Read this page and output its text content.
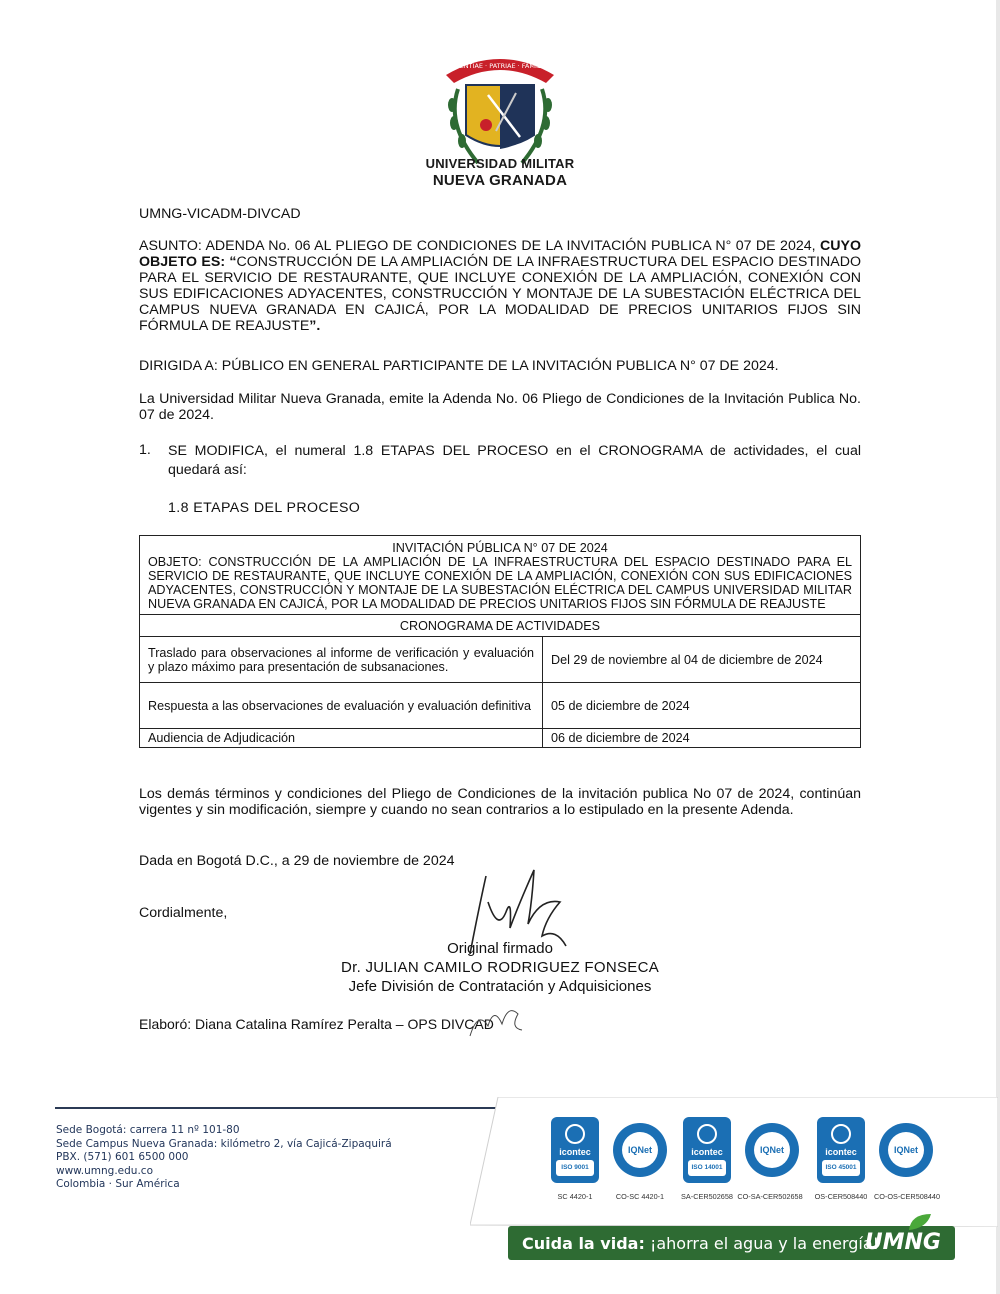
SCIENTIAE · PATRIAE · FAMILIAE
UNIVERSIDAD MILITAR
NUEVA GRANADA
UMNG-VICADM-DIVCAD
ASUNTO: ADENDA No. 06 AL PLIEGO DE CONDICIONES DE LA INVITACIÓN PUBLICA N° 07 DE 2024, CUYO OBJETO ES: “CONSTRUCCIÓN DE LA AMPLIACIÓN DE LA INFRAESTRUCTURA DEL ESPACIO DESTINADO PARA EL SERVICIO DE RESTAURANTE, QUE INCLUYE CONEXIÓN DE LA AMPLIACIÓN, CONEXIÓN CON SUS EDIFICACIONES ADYACENTES, CONSTRUCCIÓN Y MONTAJE DE LA SUBESTACIÓN ELÉCTRICA DEL CAMPUS NUEVA GRANADA EN CAJICÁ, POR LA MODALIDAD DE PRECIOS UNITARIOS FIJOS SIN FÓRMULA DE REAJUSTE”.
DIRIGIDA A: PÚBLICO EN GENERAL PARTICIPANTE DE LA INVITACIÓN PUBLICA N° 07 DE 2024.
La Universidad Militar Nueva Granada, emite la Adenda No. 06 Pliego de Condiciones de la Invitación Publica No. 07 de 2024.
1.	SE MODIFICA, el numeral 1.8 ETAPAS DEL PROCESO en el CRONOGRAMA de actividades, el cual quedará así:
1.8 ETAPAS DEL PROCESO
INVITACIÓN PÚBLICA N° 07 DE 2024
OBJETO: CONSTRUCCIÓN DE LA AMPLIACIÓN DE LA INFRAESTRUCTURA DEL ESPACIO DESTINADO PARA EL SERVICIO DE RESTAURANTE, QUE INCLUYE CONEXIÓN DE LA AMPLIACIÓN, CONEXIÓN CON SUS EDIFICACIONES ADYACENTES, CONSTRUCCIÓN Y MONTAJE DE LA SUBESTACIÓN ELÉCTRICA DEL CAMPUS UNIVERSIDAD MILITAR NUEVA GRANADA EN CAJICÁ, POR LA MODALIDAD DE PRECIOS UNITARIOS FIJOS SIN FÓRMULA DE REAJUSTE	

CRONOGRAMA DE ACTIVIDADES	
Traslado para observaciones al informe de verificación y evaluación y plazo máximo para presentación de subsanaciones.	Del 29 de noviembre al 04 de diciembre de 2024
Respuesta a las observaciones de evaluación y evaluación definitiva	05 de diciembre de 2024
Audiencia de Adjudicación	06 de diciembre de 2024
Los demás términos y condiciones del Pliego de Condiciones de la invitación publica No 07 de 2024, continúan vigentes y sin modificación, siempre y cuando no sean contrarios a lo estipulado en la presente Adenda.
Dada en Bogotá D.C., a 29 de noviembre de 2024
Cordialmente,
Original firmado
Dr. JULIAN CAMILO RODRIGUEZ FONSECA
Jefe División de Contratación y Adquisiciones
Elaboró: Diana Catalina Ramírez Peralta – OPS DIVCAD
Sede Bogotá: carrera 11 nº 101-80
Sede Campus Nueva Granada: kilómetro 2, vía Cajicá-Zipaquirá
PBX. (571) 601 6500 000
www.umng.edu.co
Colombia · Sur América
icontec
ISO 9001
IQNet	icontec
ISO 14001
IQNet	icontec
ISO 45001
IQNet
SC 4420-1	CO-SC 4420-1	SA-CER502658 CO-SA-CER502658	OS-CER508440 CO-OS-CER508440
Cuida la vida: ¡ahorra el agua y la energía!
UMNG
